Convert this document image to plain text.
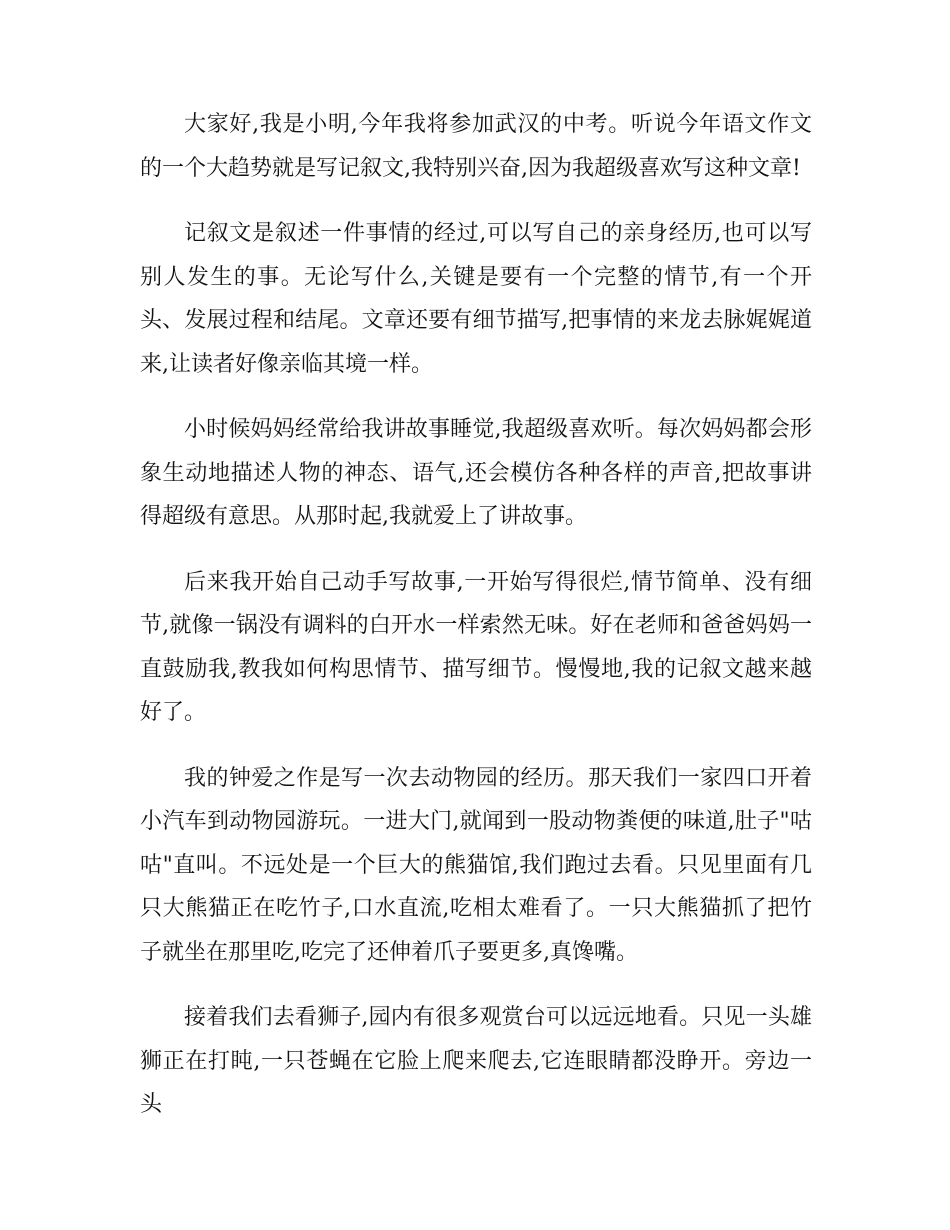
大家好,我是小明,今年我将参加武汉的中考。听说今年语文作文的一个大趋势就是写记叙文,我特别兴奋,因为我超级喜欢写这种文章!

记叙文是叙述一件事情的经过,可以写自己的亲身经历,也可以写别人发生的事。无论写什么,关键是要有一个完整的情节,有一个开头、发展过程和结尾。文章还要有细节描写,把事情的来龙去脉娓娓道来,让读者好像亲临其境一样。

小时候妈妈经常给我讲故事睡觉,我超级喜欢听。每次妈妈都会形象生动地描述人物的神态、语气,还会模仿各种各样的声音,把故事讲得超级有意思。从那时起,我就爱上了讲故事。

后来我开始自己动手写故事,一开始写得很烂,情节简单、没有细节,就像一锅没有调料的白开水一样索然无味。好在老师和爸爸妈妈一直鼓励我,教我如何构思情节、描写细节。慢慢地,我的记叙文越来越好了。

我的钟爱之作是写一次去动物园的经历。那天我们一家四口开着小汽车到动物园游玩。一进大门,就闻到一股动物粪便的味道,肚子"咕咕"直叫。不远处是一个巨大的熊猫馆,我们跑过去看。只见里面有几只大熊猫正在吃竹子,口水直流,吃相太难看了。一只大熊猫抓了把竹子就坐在那里吃,吃完了还伸着爪子要更多,真馋嘴。

接着我们去看狮子,园内有很多观赏台可以远远地看。只见一头雄狮正在打盹,一只苍蝇在它脸上爬来爬去,它连眼睛都没睁开。旁边一头
